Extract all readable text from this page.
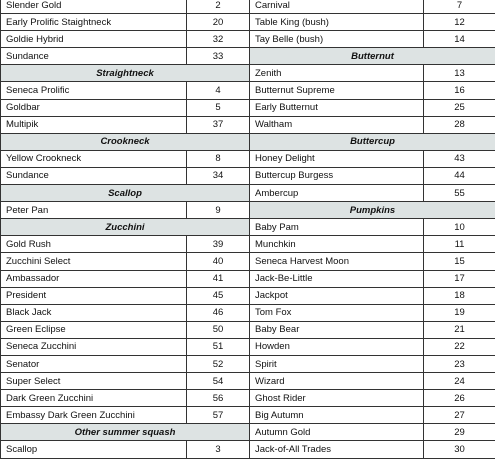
Slender Gold	2
Early Prolific Staightneck	20
Goldie Hybrid	32
Sundance	33
Straightneck	
Seneca Prolific	4
Goldbar	5
Multipik	37
Crookneck	
Yellow Crookneck	8
Sundance	34
Scallop	
Peter Pan	9
Zucchini	
Gold Rush	39
Zucchini Select	40
Ambassador	41
President	45
Black Jack	46
Green Eclipse	50
Seneca Zucchini	51
Senator	52
Super Select	54
Dark Green Zucchini	56
Embassy Dark Green Zucchini	57
Other summer squash	
Scallop	3
Carnival	7
Table King (bush)	12
Tay Belle (bush)	14
Butternut	
Zenith	13
Butternut Supreme	16
Early Butternut	25
Waltham	28
Buttercup	
Honey Delight	43
Buttercup Burgess	44
Ambercup	55
Pumpkins	
Baby Pam	10
Munchkin	11
Seneca Harvest Moon	15
Jack-Be-Little	17
Jackpot	18
Tom Fox	19
Baby Bear	21
Howden	22
Spirit	23
Wizard	24
Ghost Rider	26
Big Autumn	27
Autumn Gold	29
Jack-of-All Trades	30
